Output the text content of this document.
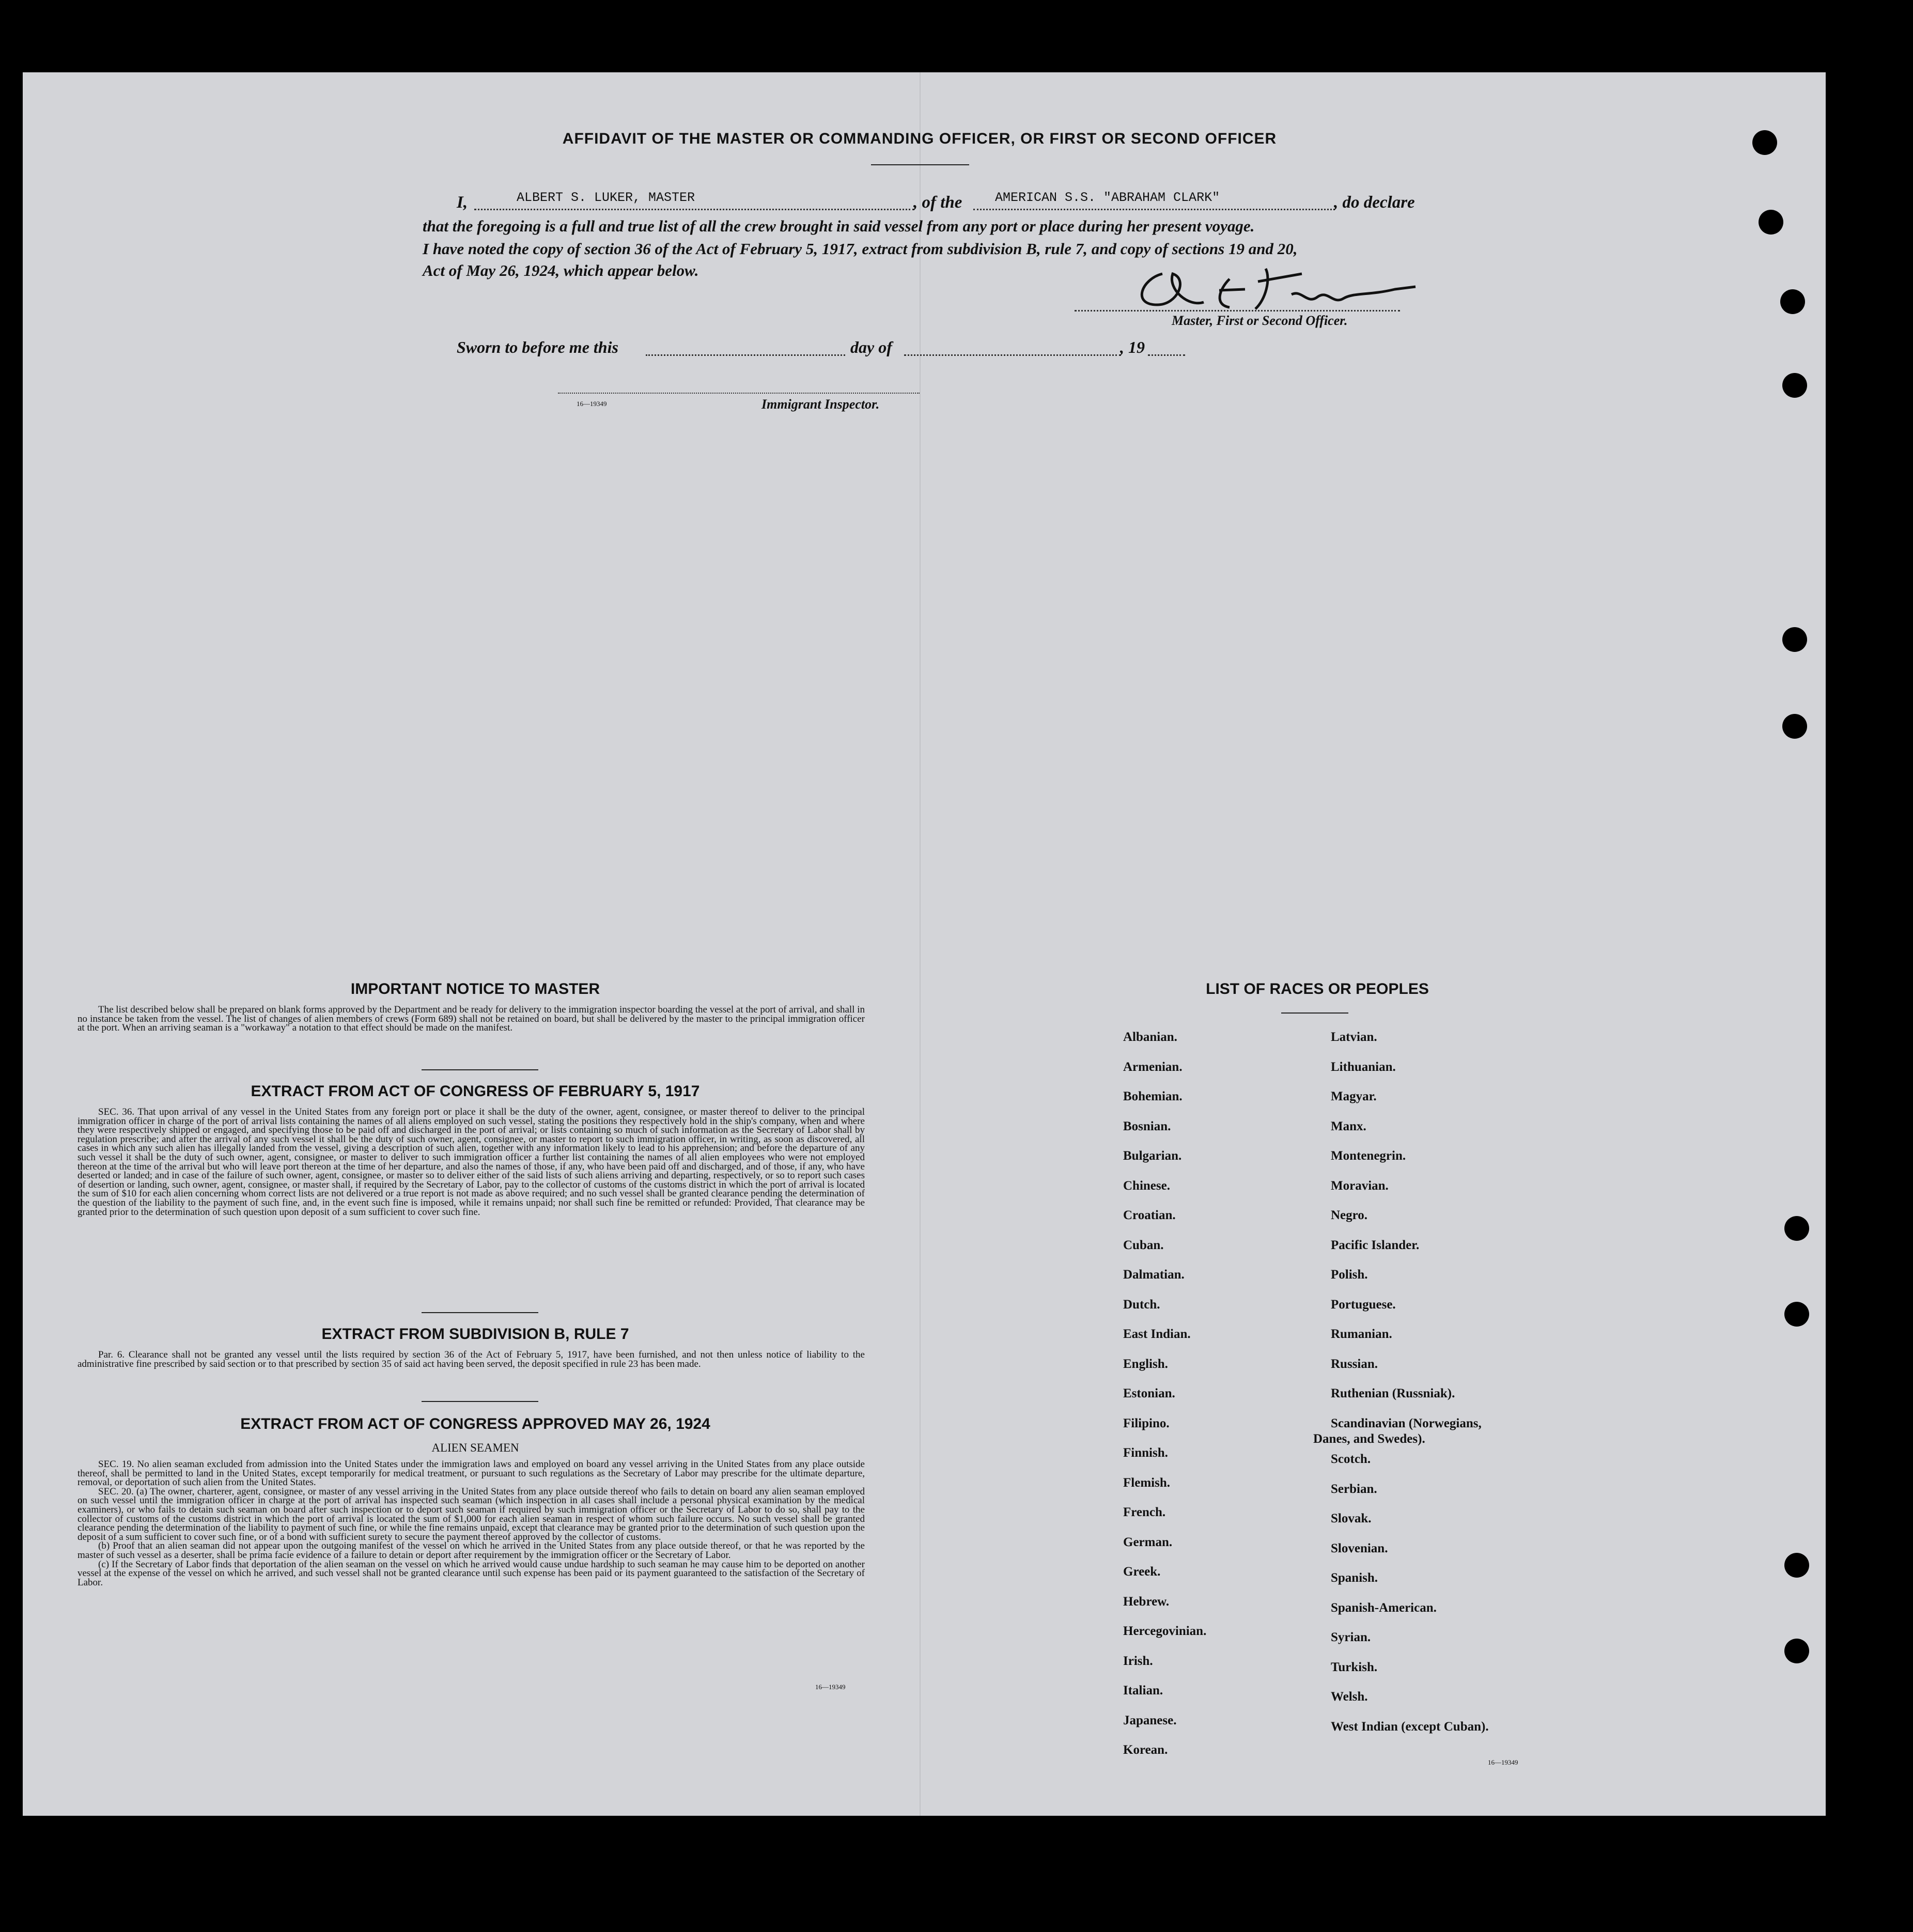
AFFIDAVIT OF THE MASTER OR COMMANDING OFFICER, OR FIRST OR SECOND OFFICER
I,	ALBERT S. LUKER, MASTER	, of the	AMERICAN S.S. "ABRAHAM CLARK"	, do declare
that the foregoing is a full and true list of all the crew brought in said vessel from any port or place during her present voyage.
I have noted the copy of section 36 of the Act of February 5, 1917, extract from subdivision B, rule 7, and copy of sections 19 and 20,
Act of May 26, 1924, which appear below.
Master, First or Second Officer.
Sworn to before me this	day of	, 19
16—19349	Immigrant Inspector.
IMPORTANT NOTICE TO MASTER

The list described below shall be prepared on blank forms approved by the Department and be ready for delivery to the immigration inspector boarding the vessel at the port of arrival, and shall in no instance be taken from the vessel. The list of changes of alien members of crews (Form 689) shall not be retained on board, but shall be delivered by the master to the principal immigration officer at the port. When an arriving seaman is a "workaway" a notation to that effect should be made on the manifest.

EXTRACT FROM ACT OF CONGRESS OF FEBRUARY 5, 1917

SEC. 36. That upon arrival of any vessel in the United States from any foreign port or place it shall be the duty of the owner, agent, consignee, or master thereof to deliver to the principal immigration officer in charge of the port of arrival lists containing the names of all aliens employed on such vessel, stating the positions they respectively hold in the ship's company, when and where they were respectively shipped or engaged, and specifying those to be paid off and discharged in the port of arrival; or lists containing so much of such information as the Secretary of Labor shall by regulation prescribe; and after the arrival of any such vessel it shall be the duty of such owner, agent, consignee, or master to report to such immigration officer, in writing, as soon as discovered, all cases in which any such alien has illegally landed from the vessel, giving a description of such alien, together with any information likely to lead to his apprehension; and before the departure of any such vessel it shall be the duty of such owner, agent, consignee, or master to deliver to such immigration officer a further list containing the names of all alien employees who were not employed thereon at the time of the arrival but who will leave port thereon at the time of her departure, and also the names of those, if any, who have been paid off and discharged, and of those, if any, who have deserted or landed; and in case of the failure of such owner, agent, consignee, or master so to deliver either of the said lists of such aliens arriving and departing, respectively, or so to report such cases of desertion or landing, such owner, agent, consignee, or master shall, if required by the Secretary of Labor, pay to the collector of customs of the customs district in which the port of arrival is located the sum of $10 for each alien concerning whom correct lists are not delivered or a true report is not made as above required; and no such vessel shall be granted clearance pending the determination of the question of the liability to the payment of such fine, and, in the event such fine is imposed, while it remains unpaid; nor shall such fine be remitted or refunded: Provided, That clearance may be granted prior to the determination of such question upon deposit of a sum sufficient to cover such fine.

EXTRACT FROM SUBDIVISION B, RULE 7

Par. 6. Clearance shall not be granted any vessel until the lists required by section 36 of the Act of February 5, 1917, have been furnished, and not then unless notice of liability to the administrative fine prescribed by said section or to that prescribed by section 35 of said act having been served, the deposit specified in rule 23 has been made.

EXTRACT FROM ACT OF CONGRESS APPROVED MAY 26, 1924
ALIEN SEAMEN

SEC. 19. No alien seaman excluded from admission into the United States under the immigration laws and employed on board any vessel arriving in the United States from any place outside thereof, shall be permitted to land in the United States, except temporarily for medical treatment, or pursuant to such regulations as the Secretary of Labor may prescribe for the ultimate departure, removal, or deportation of such alien from the United States.

SEC. 20. (a) The owner, charterer, agent, consignee, or master of any vessel arriving in the United States from any place outside thereof who fails to detain on board any alien seaman employed on such vessel until the immigration officer in charge at the port of arrival has inspected such seaman (which inspection in all cases shall include a personal physical examination by the medical examiners), or who fails to detain such seaman on board after such inspection or to deport such seaman if required by such immigration officer or the Secretary of Labor to do so, shall pay to the collector of customs of the customs district in which the port of arrival is located the sum of $1,000 for each alien seaman in respect of whom such failure occurs. No such vessel shall be granted clearance pending the determination of the liability to payment of such fine, or while the fine remains unpaid, except that clearance may be granted prior to the determination of such question upon the deposit of a sum sufficient to cover such fine, or of a bond with sufficient surety to secure the payment thereof approved by the collector of customs.

(b) Proof that an alien seaman did not appear upon the outgoing manifest of the vessel on which he arrived in the United States from any place outside thereof, or that he was reported by the master of such vessel as a deserter, shall be prima facie evidence of a failure to detain or deport after requirement by the immigration officer or the Secretary of Labor.

(c) If the Secretary of Labor finds that deportation of the alien seaman on the vessel on which he arrived would cause undue hardship to such seaman he may cause him to be deported on another vessel at the expense of the vessel on which he arrived, and such vessel shall not be granted clearance until such expense has been paid or its payment guaranteed to the satisfaction of the Secretary of Labor.

16—19349
LIST OF RACES OR PEOPLES
Albanian.
Armenian.
Bohemian.
Bosnian.
Bulgarian.
Chinese.
Croatian.
Cuban.
Dalmatian.
Dutch.
East Indian.
English.
Estonian.
Filipino.
Finnish.
Flemish.
French.
German.
Greek.
Hebrew.
Hercegovinian.
Irish.
Italian.
Japanese.
Korean.
Latvian.
Lithuanian.
Magyar.
Manx.
Montenegrin.
Moravian.
Negro.
Pacific Islander.
Polish.
Portuguese.
Rumanian.
Russian.
Ruthenian (Russniak).
Scandinavian (Norwegians,
Danes, and Swedes).
Scotch.
Serbian.
Slovak.
Slovenian.
Spanish.
Spanish-American.
Syrian.
Turkish.
Welsh.
West Indian (except Cuban).
16—19349
